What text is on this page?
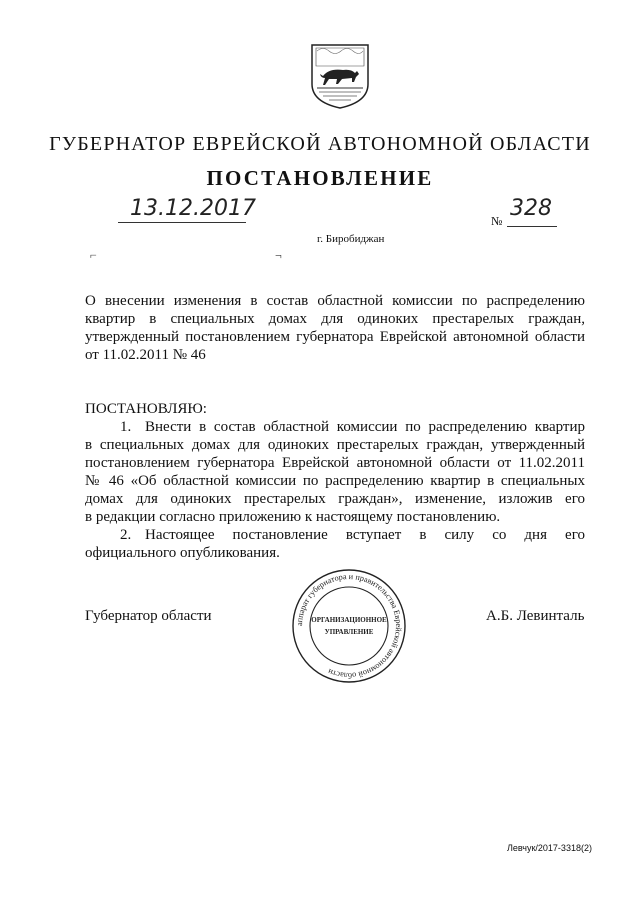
ГУБЕРНАТОР ЕВРЕЙСКОЙ АВТОНОМНОЙ ОБЛАСТИ
ПОСТАНОВЛЕНИЕ
13.12.2017	№ 328
г. Биробиджан
⌐	¬

О внесении изменения в состав областной комиссии по распределению

квартир в специальных домах для одиноких престарелых граждан,

утвержденный постановлением губернатора Еврейской автономной области

от 11.02.2011 № 46

ПОСТАНОВЛЯЮ:
1. Внести в состав областной комиссии по распределению квартир

в специальных домах для одиноких престарелых граждан, утвержденный

постановлением губернатора Еврейской автономной области от 11.02.2011

№ 46 «Об областной комиссии по распределению квартир в специальных

домах для одиноких престарелых граждан», изменение, изложив его

в редакции согласно приложению к настоящему постановлению.

2. Настоящее постановление вступает в силу со дня его
официального опубликования.
Губернатор области	А.Б. Левинталь
аппарат губернатора и правительства Еврейской автономной области
ОРГАНИЗАЦИОННОЕ
УПРАВЛЕНИЕ
Левчук/2017-3318(2)
